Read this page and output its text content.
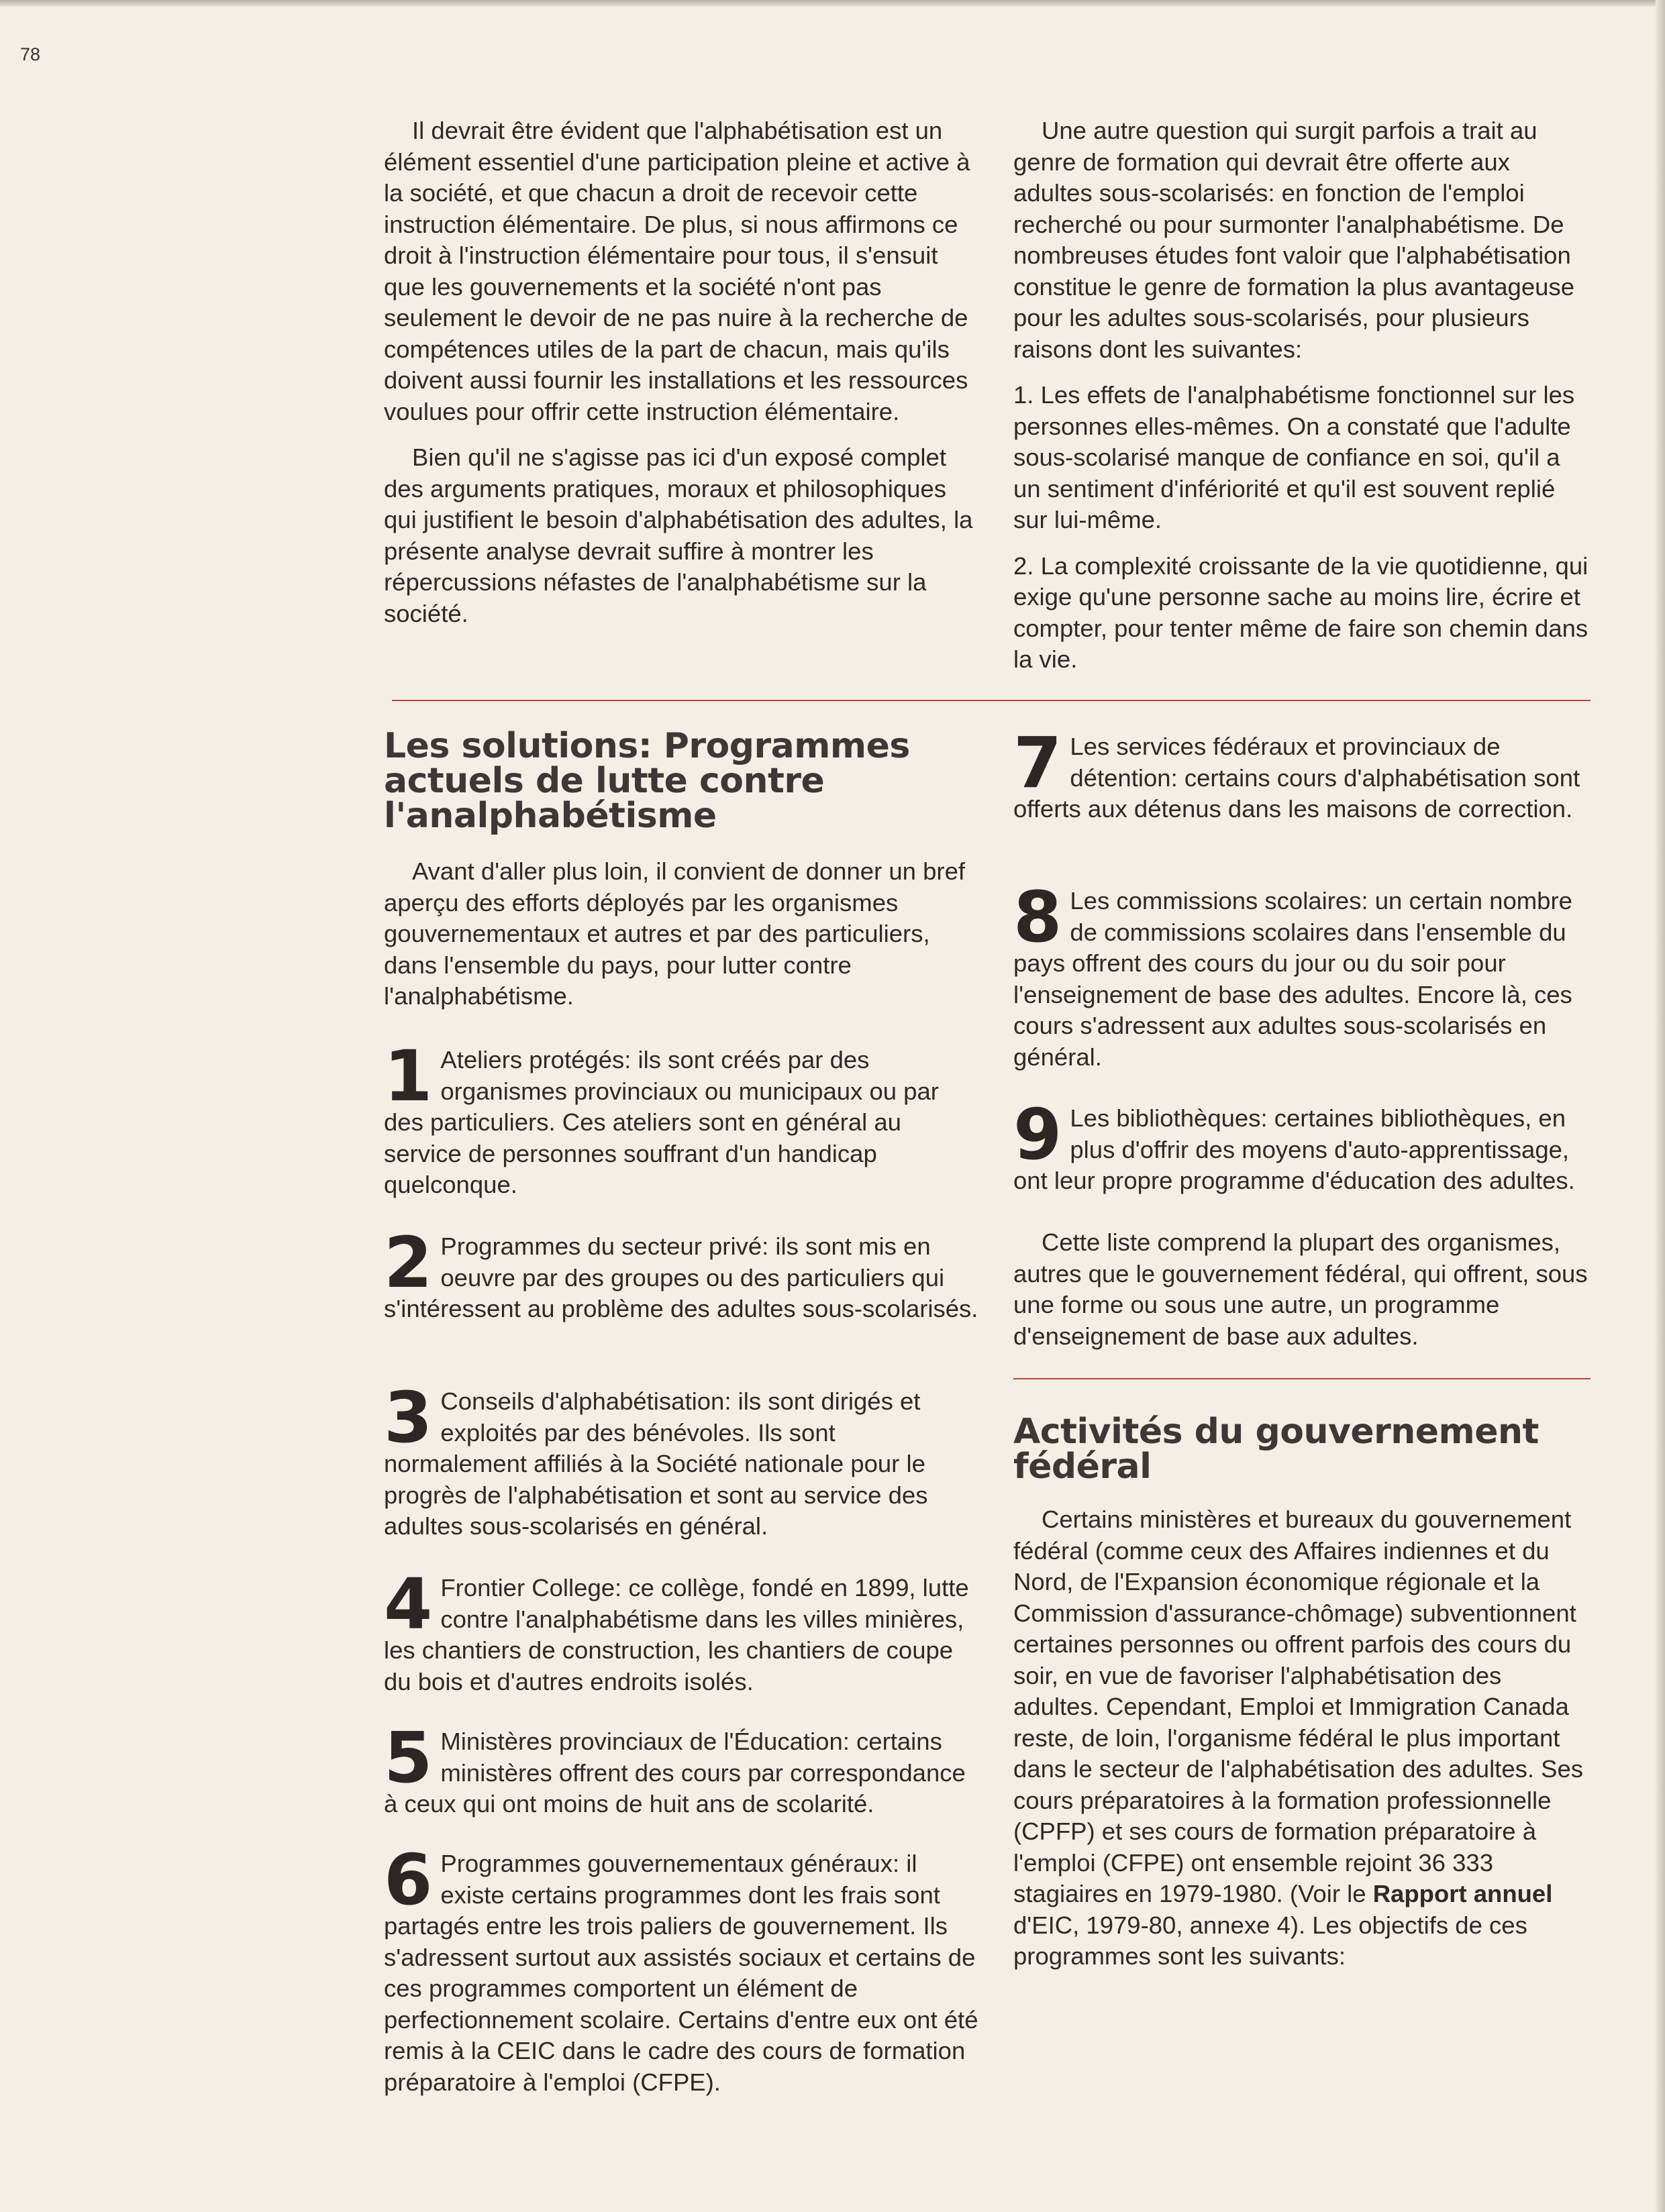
78

Il devrait être évident que l'alphabétisation est un élément essentiel d'une participation pleine et active à la société, et que chacun a droit de recevoir cette instruction élémentaire. De plus, si nous affirmons ce droit à l'instruction élémentaire pour tous, il s'ensuit que les gouvernements et la société n'ont pas seulement le devoir de ne pas nuire à la recherche de compétences utiles de la part de chacun, mais qu'ils doivent aussi fournir les installations et les ressources voulues pour offrir cette instruction élémentaire.

Bien qu'il ne s'agisse pas ici d'un exposé complet des arguments pratiques, moraux et philosophiques qui justifient le besoin d'alphabétisation des adultes, la présente analyse devrait suffire à montrer les répercussions néfastes de l'analphabétisme sur la société.

Une autre question qui surgit parfois a trait au genre de formation qui devrait être offerte aux adultes sous-scolarisés: en fonction de l'emploi recherché ou pour surmonter l'analphabétisme. De nombreuses études font valoir que l'alphabétisation constitue le genre de formation la plus avantageuse pour les adultes sous-scolarisés, pour plusieurs raisons dont les suivantes:

1. Les effets de l'analphabétisme fonctionnel sur les personnes elles-mêmes. On a constaté que l'adulte sous-scolarisé manque de confiance en soi, qu'il a un sentiment d'infériorité et qu'il est souvent replié sur lui-même.

2. La complexité croissante de la vie quotidienne, qui exige qu'une personne sache au moins lire, écrire et compter, pour tenter même de faire son chemin dans la vie.

Les solutions: Programmes actuels de lutte contre l'analphabétisme

Avant d'aller plus loin, il convient de donner un bref aperçu des efforts déployés par les organismes gouvernementaux et autres et par des particuliers, dans l'ensemble du pays, pour lutter contre l'analphabétisme.

1 Ateliers protégés: ils sont créés par des organismes provinciaux ou municipaux ou par des particuliers. Ces ateliers sont en général au service de personnes souffrant d'un handicap quelconque.

2 Programmes du secteur privé: ils sont mis en oeuvre par des groupes ou des particuliers qui s'intéressent au problème des adultes sous-scolarisés.

3 Conseils d'alphabétisation: ils sont dirigés et exploités par des bénévoles. Ils sont normalement affiliés à la Société nationale pour le progrès de l'alphabétisation et sont au service des adultes sous-scolarisés en général.

4 Frontier College: ce collège, fondé en 1899, lutte contre l'analphabétisme dans les villes minières, les chantiers de construction, les chantiers de coupe du bois et d'autres endroits isolés.

5 Ministères provinciaux de l'Éducation: certains ministères offrent des cours par correspondance à ceux qui ont moins de huit ans de scolarité.

6 Programmes gouvernementaux généraux: il existe certains programmes dont les frais sont partagés entre les trois paliers de gouvernement. Ils s'adressent surtout aux assistés sociaux et certains de ces programmes comportent un élément de perfectionnement scolaire. Certains d'entre eux ont été remis à la CEIC dans le cadre des cours de formation préparatoire à l'emploi (CFPE).

7 Les services fédéraux et provinciaux de détention: certains cours d'alphabétisation sont offerts aux détenus dans les maisons de correction.

8 Les commissions scolaires: un certain nombre de commissions scolaires dans l'ensemble du pays offrent des cours du jour ou du soir pour l'enseignement de base des adultes. Encore là, ces cours s'adressent aux adultes sous-scolarisés en général.

9 Les bibliothèques: certaines bibliothèques, en plus d'offrir des moyens d'auto-apprentissage, ont leur propre programme d'éducation des adultes.

Cette liste comprend la plupart des organismes, autres que le gouvernement fédéral, qui offrent, sous une forme ou sous une autre, un programme d'enseignement de base aux adultes.

Activités du gouvernement fédéral

Certains ministères et bureaux du gouvernement fédéral (comme ceux des Affaires indiennes et du Nord, de l'Expansion économique régionale et la Commission d'assurance-chômage) subventionnent certaines personnes ou offrent parfois des cours du soir, en vue de favoriser l'alphabétisation des adultes. Cependant, Emploi et Immigration Canada reste, de loin, l'organisme fédéral le plus important dans le secteur de l'alphabétisation des adultes. Ses cours préparatoires à la formation professionnelle (CPFP) et ses cours de formation préparatoire à l'emploi (CFPE) ont ensemble rejoint 36 333 stagiaires en 1979-1980. (Voir le Rapport annuel d'EIC, 1979-80, annexe 4). Les objectifs de ces programmes sont les suivants:
